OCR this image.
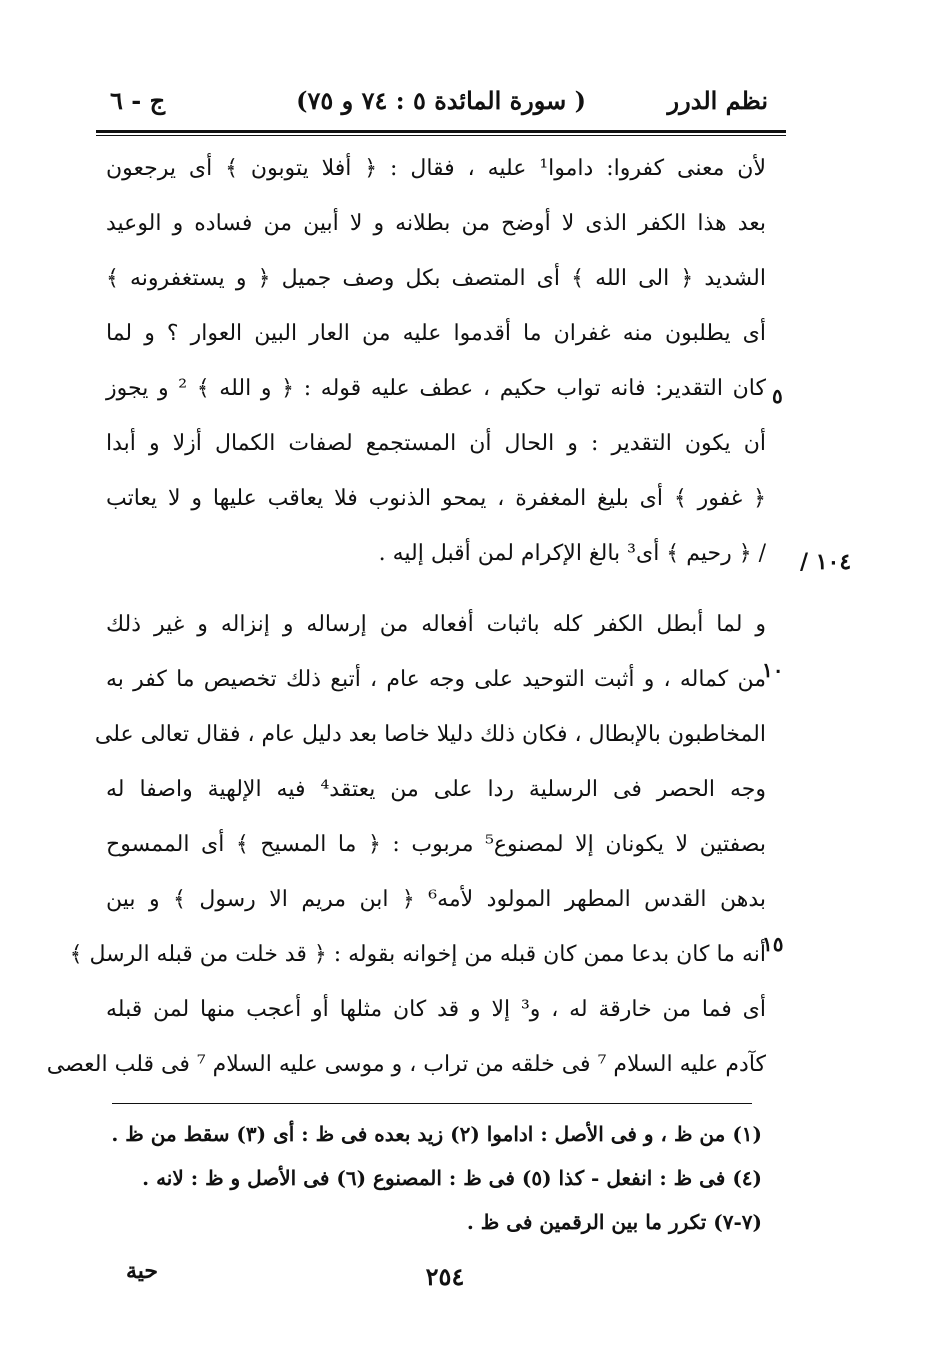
نظم الدرر
( سورة المائدة ٥ : ٧٤ و ٧٥)
ج - ٦
لأن معنى كفروا: داموا¹ عليه ، فقال : ﴿ أفلا يتوبون ﴾ أى يرجعون
بعد هذا الكفر الذى لا أوضح من بطلانه و لا أبين من فساده و الوعيد
الشديد ﴿ الى الله ﴾ أى المتصف بكل وصف جميل ﴿ و يستغفرونه ﴾
أى يطلبون منه غفران ما أقدموا عليه من العار البين العوار ؟ و لما
كان التقدير: فانه تواب حكيم ، عطف عليه قوله : ﴿ و الله ﴾ ² و يجوز
أن يكون التقدير : و الحال أن المستجمع لصفات الكمال أزلا و أبدا
﴿ غفور ﴾ أى بليغ المغفرة ، يمحو الذنوب فلا يعاقب عليها و لا يعاتب
/ ﴿ رحيم ﴾ أى³ بالغ الإكرام لمن أقبل إليه .
و لما أبطل الكفر كله باثبات أفعاله من إرساله و إنزاله و غير ذلك
من كماله ، و أثبت التوحيد على وجه عام ، أتبع ذلك تخصيص ما كفر به
المخاطبون بالإبطال ، فكان ذلك دليلا خاصا بعد دليل عام ، فقال تعالى على
وجه الحصر فى الرسلية ردا على من يعتقد⁴ فيه الإلهية واصفا له
بصفتين لا يكونان إلا لمصنوع⁵ مربوب : ﴿ ما المسيح ﴾ أى الممسوح
بدهن القدس المطهر المولود لأمه⁶ ﴿ ابن مريم الا رسول ﴾ و بين
أنه ما كان بدعا ممن كان قبله من إخوانه بقوله : ﴿ قد خلت من قبله الرسل ﴾
أى فما من خارقة له ، و³ إلا و قد كان مثلها أو أعجب منها لمن قبله
كآدم عليه السلام ⁷ فى خلقه من تراب ، و موسى عليه السلام ⁷ فى قلب العصى
٥
١٠
١٥
١٠٤ /
(١) من ظ ، و فى الأصل : اداموا (٢) زيد بعده فى ظ : أى (٣) سقط من ظ .
(٤) فى ظ : انفعل - كذا (٥) فى ظ : المصنوع (٦) فى الأصل و ظ : لانه .
(٧-٧) تكرر ما بين الرقمين فى ظ .
٢٥٤
حية
